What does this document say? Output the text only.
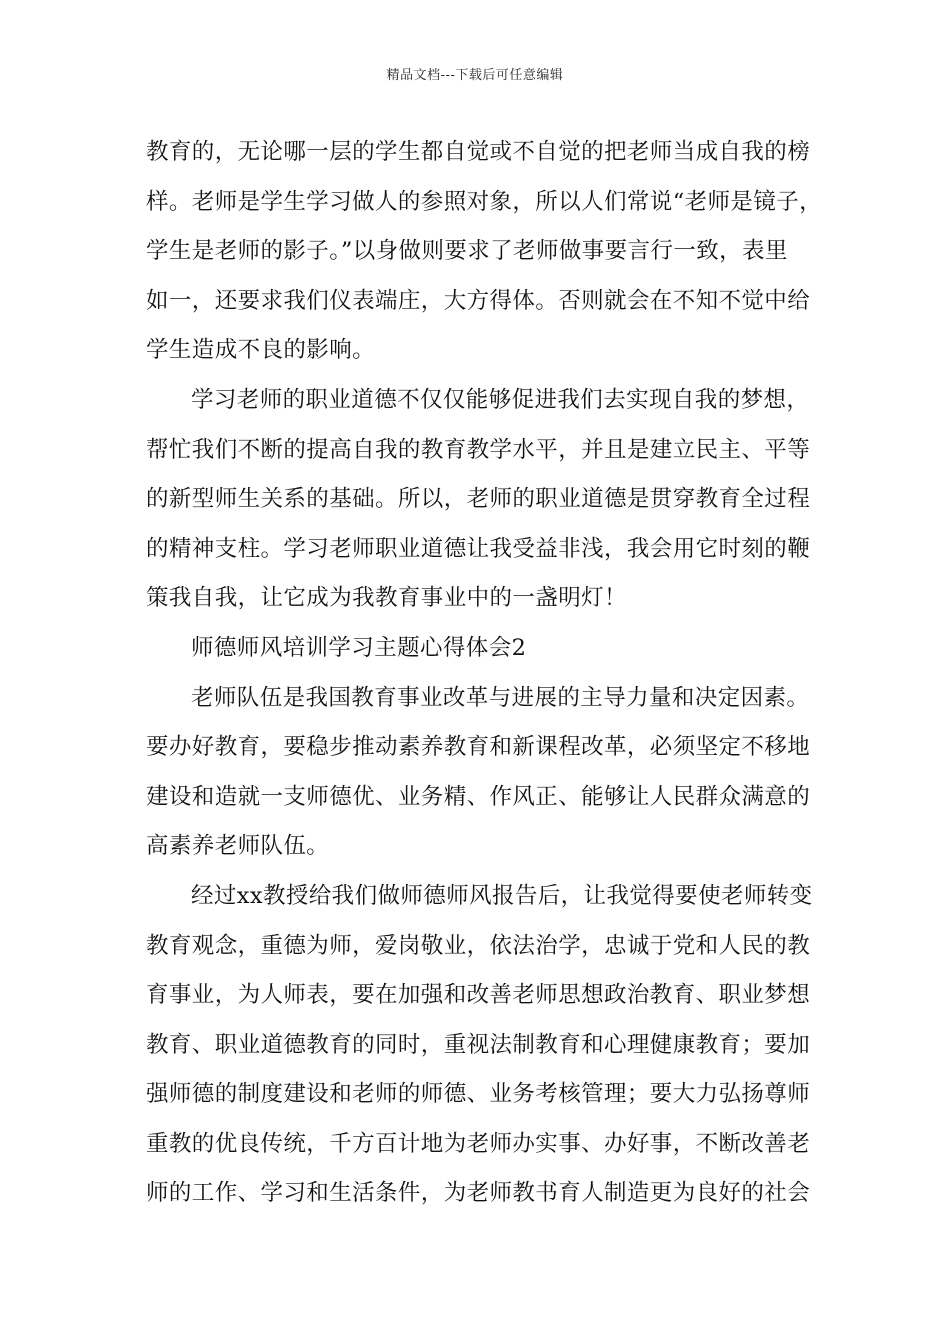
精品文档---下载后可任意编辑
教育的，无论哪一层的学生都自觉或不自觉的把老师当成自我的榜
样。老师是学生学习做人的参照对象，所以人们常说“老师是镜子，
学生是老师的影子。”以身做则要求了老师做事要言行一致，表里
如一，还要求我们仪表端庄，大方得体。否则就会在不知不觉中给
学生造成不良的影响。
学习老师的职业道德不仅仅能够促进我们去实现自我的梦想，
帮忙我们不断的提高自我的教育教学水平，并且是建立民主、平等
的新型师生关系的基础。所以，老师的职业道德是贯穿教育全过程
的精神支柱。学习老师职业道德让我受益非浅，我会用它时刻的鞭
策我自我，让它成为我教育事业中的一盏明灯！
师德师风培训学习主题心得体会2
老师队伍是我国教育事业改革与进展的主导力量和决定因素。
要办好教育，要稳步推动素养教育和新课程改革，必须坚定不移地
建设和造就一支师德优、业务精、作风正、能够让人民群众满意的
高素养老师队伍。
经过xx教授给我们做师德师风报告后，让我觉得要使老师转变
教育观念，重德为师，爱岗敬业，依法治学，忠诚于党和人民的教
育事业，为人师表，要在加强和改善老师思想政治教育、职业梦想
教育、职业道德教育的同时，重视法制教育和心理健康教育；要加
强师德的制度建设和老师的师德、业务考核管理；要大力弘扬尊师
重教的优良传统，千方百计地为老师办实事、办好事，不断改善老
师的工作、学习和生活条件，为老师教书育人制造更为良好的社会
